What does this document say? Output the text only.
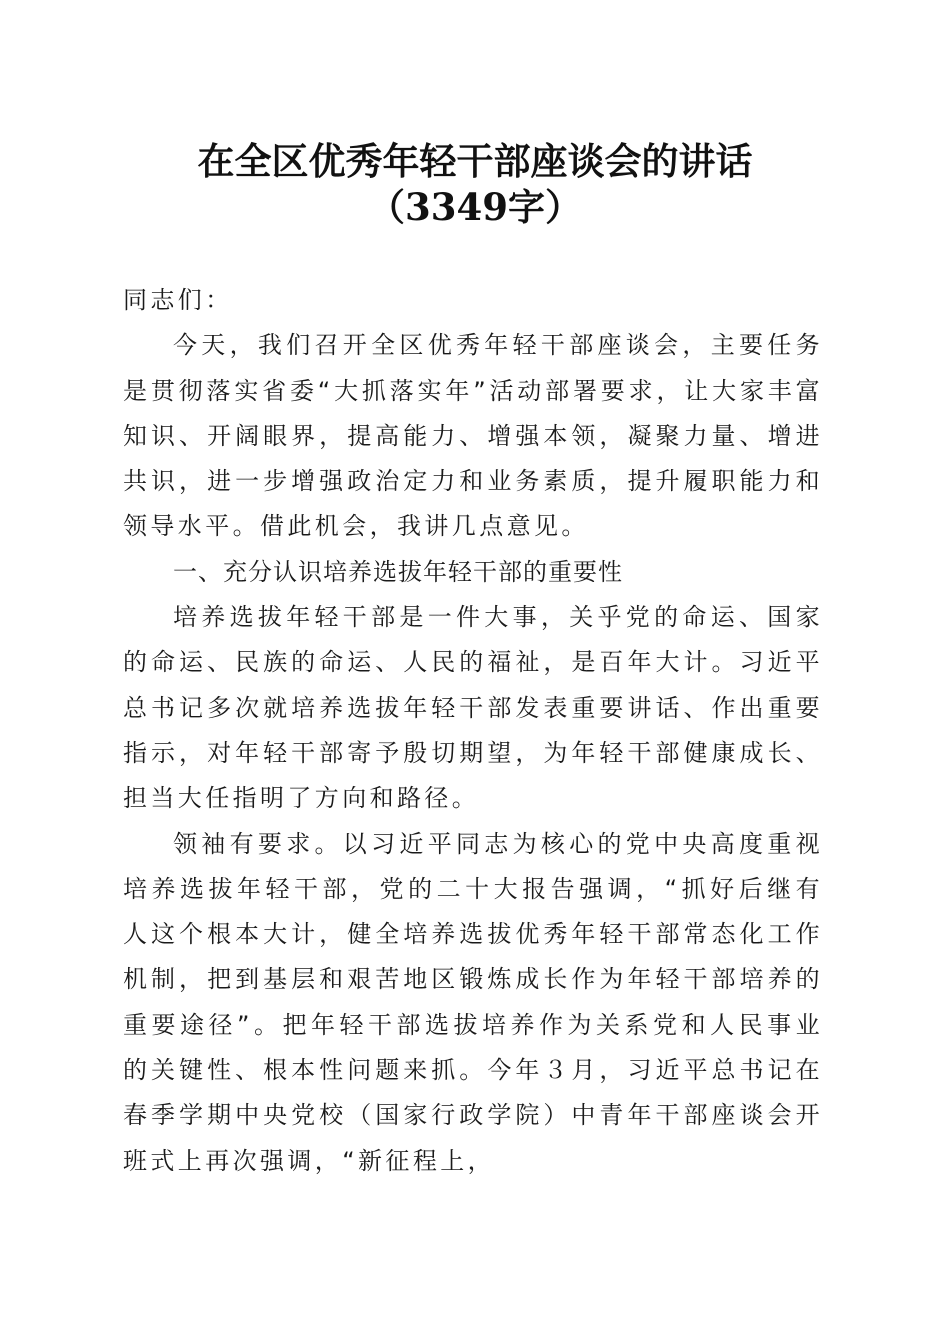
在全区优秀年轻干部座谈会的讲话（3349字）

同志们：

今天，我们召开全区优秀年轻干部座谈会，主要任务是贯彻落实省委“大抓落实年”活动部署要求，让大家丰富知识、开阔眼界，提高能力、增强本领，凝聚力量、增进共识，进一步增强政治定力和业务素质，提升履职能力和领导水平。借此机会，我讲几点意见。

一、充分认识培养选拔年轻干部的重要性

培养选拔年轻干部是一件大事，关乎党的命运、国家的命运、民族的命运、人民的福祉，是百年大计。习近平总书记多次就培养选拔年轻干部发表重要讲话、作出重要指示，对年轻干部寄予殷切期望，为年轻干部健康成长、担当大任指明了方向和路径。

领袖有要求。以习近平同志为核心的党中央高度重视培养选拔年轻干部，党的二十大报告强调，“抓好后继有人这个根本大计，健全培养选拔优秀年轻干部常态化工作机制，把到基层和艰苦地区锻炼成长作为年轻干部培养的重要途径”。把年轻干部选拔培养作为关系党和人民事业的关键性、根本性问题来抓。今年３月，习近平总书记在春季学期中央党校（国家行政学院）中青年干部座谈会开班式上再次强调，“新征程上，
